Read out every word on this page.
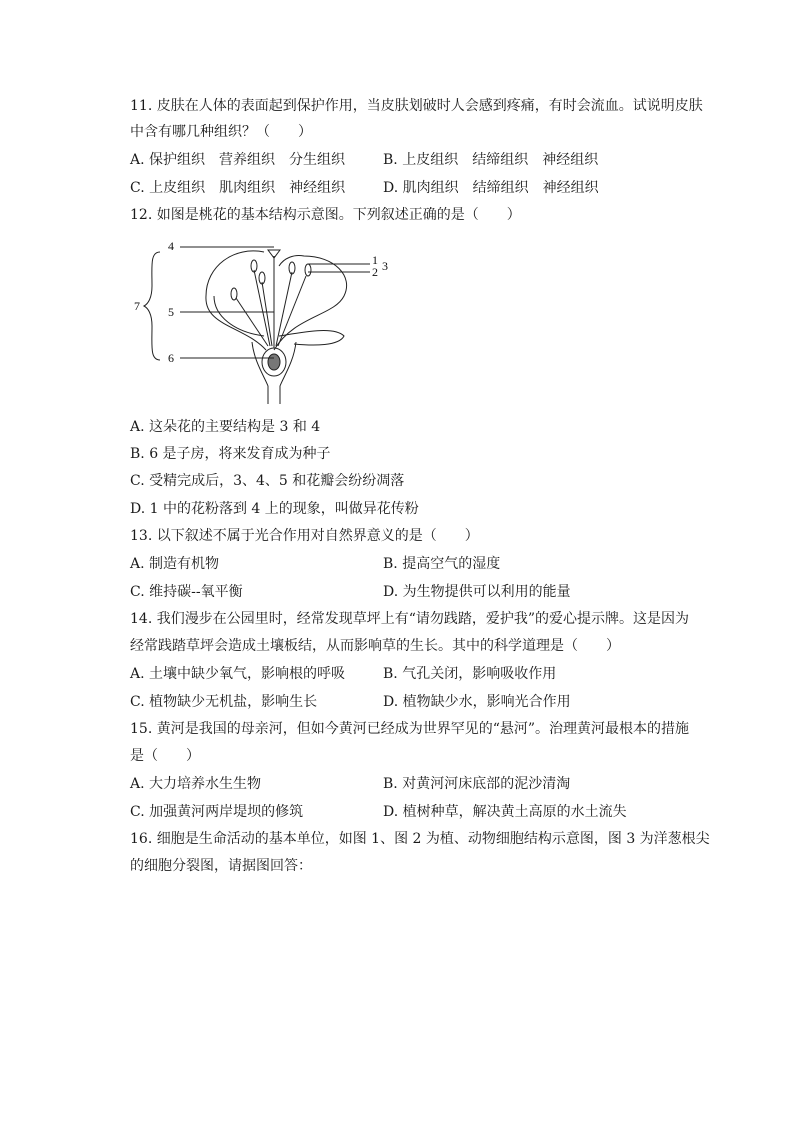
11. 皮肤在人体的表面起到保护作用，当皮肤划破时人会感到疼痛，有时会流血。试说明皮肤
中含有哪几种组织？（　　）
A. 保护组织　营养组织　分生组织	B. 上皮组织　结缔组织　神经组织
C. 上皮组织　肌肉组织　神经组织	D. 肌肉组织　结缔组织　神经组织
12. 如图是桃花的基本结构示意图。下列叙述正确的是（　　）
4
1
2 3
5
6
7
A. 这朵花的主要结构是 3 和 4
B. 6 是子房，将来发育成为种子
C. 受精完成后，3、4、5 和花瓣会纷纷凋落
D. 1 中的花粉落到 4 上的现象，叫做异花传粉
13. 以下叙述不属于光合作用对自然界意义的是（　　）
A. 制造有机物	B. 提高空气的湿度
C. 维持碳--氧平衡	D. 为生物提供可以利用的能量
14. 我们漫步在公园里时，经常发现草坪上有“请勿践踏，爱护我”的爱心提示牌。这是因为
经常践踏草坪会造成土壤板结，从而影响草的生长。其中的科学道理是（　　）
A. 土壤中缺少氧气，影响根的呼吸	B. 气孔关闭，影响吸收作用
C. 植物缺少无机盐，影响生长	D. 植物缺少水，影响光合作用
15. 黄河是我国的母亲河，但如今黄河已经成为世界罕见的“悬河”。治理黄河最根本的措施
是（　　）
A. 大力培养水生生物	B. 对黄河河床底部的泥沙清淘
C. 加强黄河两岸堤坝的修筑	D. 植树种草，解决黄土高原的水土流失
16. 细胞是生命活动的基本单位，如图 1、图 2 为植、动物细胞结构示意图，图 3 为洋葱根尖
的细胞分裂图，请据图回答：
